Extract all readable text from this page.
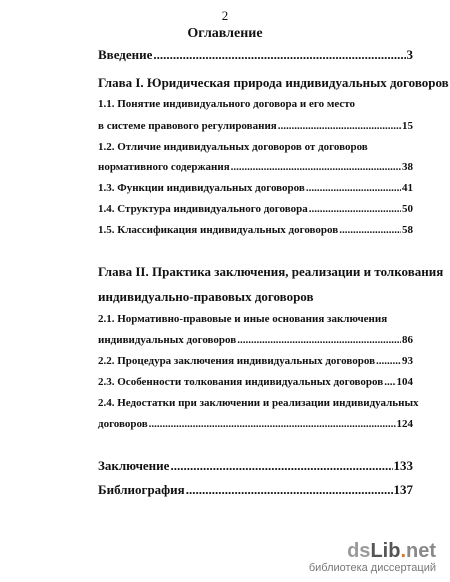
2
Оглавление
Введение .....	3
Глава I. Юридическая природа индивидуальных договоров
1.1. Понятие индивидуального договора и его место
в системе правового регулирования .....	15
1.2. Отличие индивидуальных договоров от договоров
нормативного содержания .....	38
1.3. Функции индивидуальных договоров .....	41
1.4. Структура индивидуального договора .....	50
1.5. Классификация индивидуальных договоров .....	58
Глава II. Практика заключения, реализации и толкования
индивидуально-правовых договоров
2.1. Нормативно-правовые и иные основания заключения
индивидуальных договоров .....	86
2.2. Процедура заключения индивидуальных договоров ..... 93
2.3. Особенности толкования индивидуальных договоров ..... 104
2.4. Недостатки при заключении и реализации индивидуальных
договоров .....	124
Заключение .....	133
Библиография .....	137
dsLib.net
библиотека диссертаций
